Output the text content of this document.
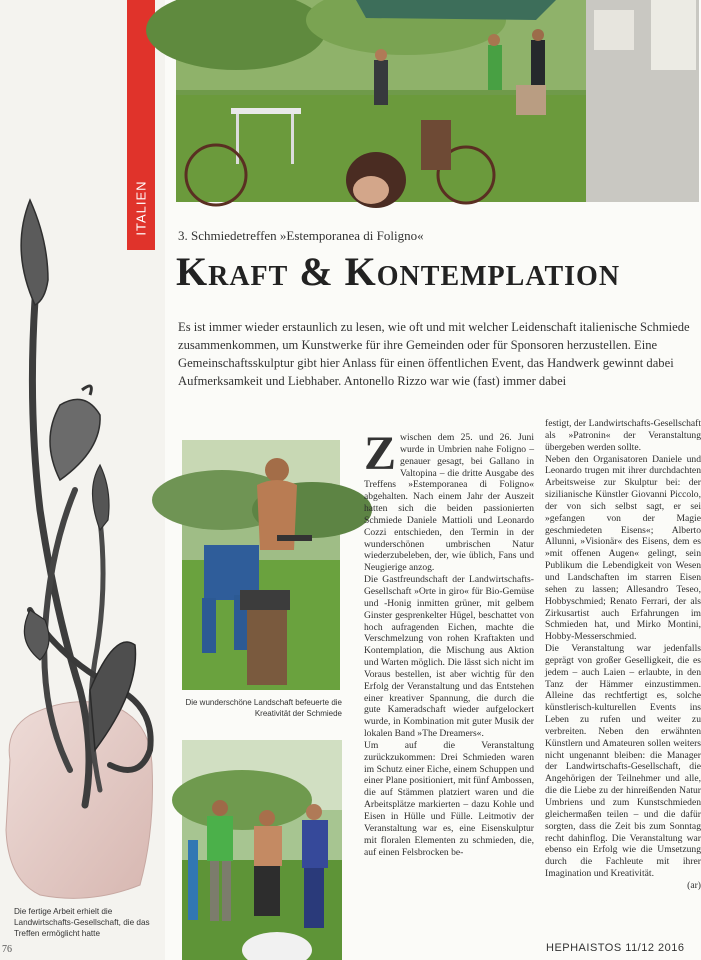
Die fertige Arbeit erhielt die Landwirtschafts-Gesellschaft, die das Treffen ermöglicht hatte
ITALIEN 3. Schmiedetreffen »Estemporanea di Foligno«
Kraft & Kontemplation
Es ist immer wieder erstaunlich zu lesen, wie oft und mit welcher Leidenschaft italienische Schmiede zusammenkommen, um Kunstwerke für ihre Gemeinden oder für Sponsoren herzustellen. Eine Gemeinschaftsskulptur gibt hier Anlass für einen öffentlichen Event, das Handwerk gewinnt dabei Aufmerksamkeit und Liebhaber. Antonello Rizzo war wie (fast) immer dabei
Die wunderschöne Landschaft befeuerte die Kreativität der Schmiede

Zwischen dem 25. und 26. Juni wurde in Umbrien nahe Foligno – genauer gesagt, bei Gallano in Valtopina – die dritte Ausgabe des Treffens »Estemporanea di Foligno« abgehalten. Nach einem Jahr der Auszeit hatten sich die beiden passionierten Schmiede Daniele Mattioli und Leonardo Cozzi entschieden, den Termin in der wunderschönen umbrischen Natur wiederzubeleben, der, wie üblich, Fans und Neugierige anzog.

Die Gastfreundschaft der Landwirtschafts-Gesellschaft »Orte in giro« für Bio-Gemüse und -Honig inmitten grüner, mit gelbem Ginster gesprenkelter Hügel, beschattet von hoch aufragenden Eichen, machte die Verschmelzung von rohen Kraftakten und Kontemplation, die Mischung aus Aktion und Warten möglich. Die lässt sich nicht im Voraus bestellen, ist aber wichtig für den Erfolg der Veranstaltung und das Entstehen einer kreativer Spannung, die durch die gute Kameradschaft wieder aufgelockert wurde, in Kombination mit guter Musik der lokalen Band »The Dreamers«.

Um auf die Veranstaltung zurückzukommen: Drei Schmieden waren im Schutz einer Eiche, einem Schuppen und einer Plane positioniert, mit fünf Ambossen, die auf Stämmen platziert waren und die Arbeitsplätze markierten – dazu Kohle und Eisen in Hülle und Fülle. Leitmotiv der Veranstaltung war es, eine Eisenskulptur mit floralen Elementen zu schmieden, die, auf einen Felsbrocken be-

festigt, der Landwirtschafts-Gesellschaft als »Patronin« der Veranstaltung übergeben werden sollte.

Neben den Organisatoren Daniele und Leonardo trugen mit ihrer durchdachten Arbeitsweise zur Skulptur bei: der sizilianische Künstler Giovanni Piccolo, der von sich selbst sagt, er sei »gefangen von der Magie geschmiedeten Eisens«; Alberto Allunni, »Visionär« des Eisens, dem es »mit offenen Augen« gelingt, sein Publikum die Lebendigkeit von Wesen und Landschaften im starren Eisen sehen zu lassen; Allesandro Teseo, Hobbyschmied; Renato Ferrari, der als Zirkusartist auch Erfahrungen im Schmieden hat, und Mirko Montini, Hobby-Messerschmied.

Die Veranstaltung war jedenfalls geprägt von großer Geselligkeit, die es jedem – auch Laien – erlaubte, in den Tanz der Hämmer einzustimmen. Alleine das rechtfertigt es, solche künstlerisch-kulturellen Events ins Leben zu rufen und weiter zu verbreiten. Neben den erwähnten Künstlern und Amateuren sollen weiters nicht ungenannt bleiben: die Manager der Landwirtschafts-Gesellschaft, die Angehörigen der Teilnehmer und alle, die die Liebe zu der hinreißenden Natur Umbriens und zum Kunstschmieden gleichermaßen teilen – und die dafür sorgten, dass die Zeit bis zum Sonntag recht dahinflog. Die Veranstaltung war ebenso ein Erfolg wie die Umsetzung durch die Fachleute mit ihrer Imagination und Kreativität.

(ar)

HEPHAISTOS 11/12 2016
76
